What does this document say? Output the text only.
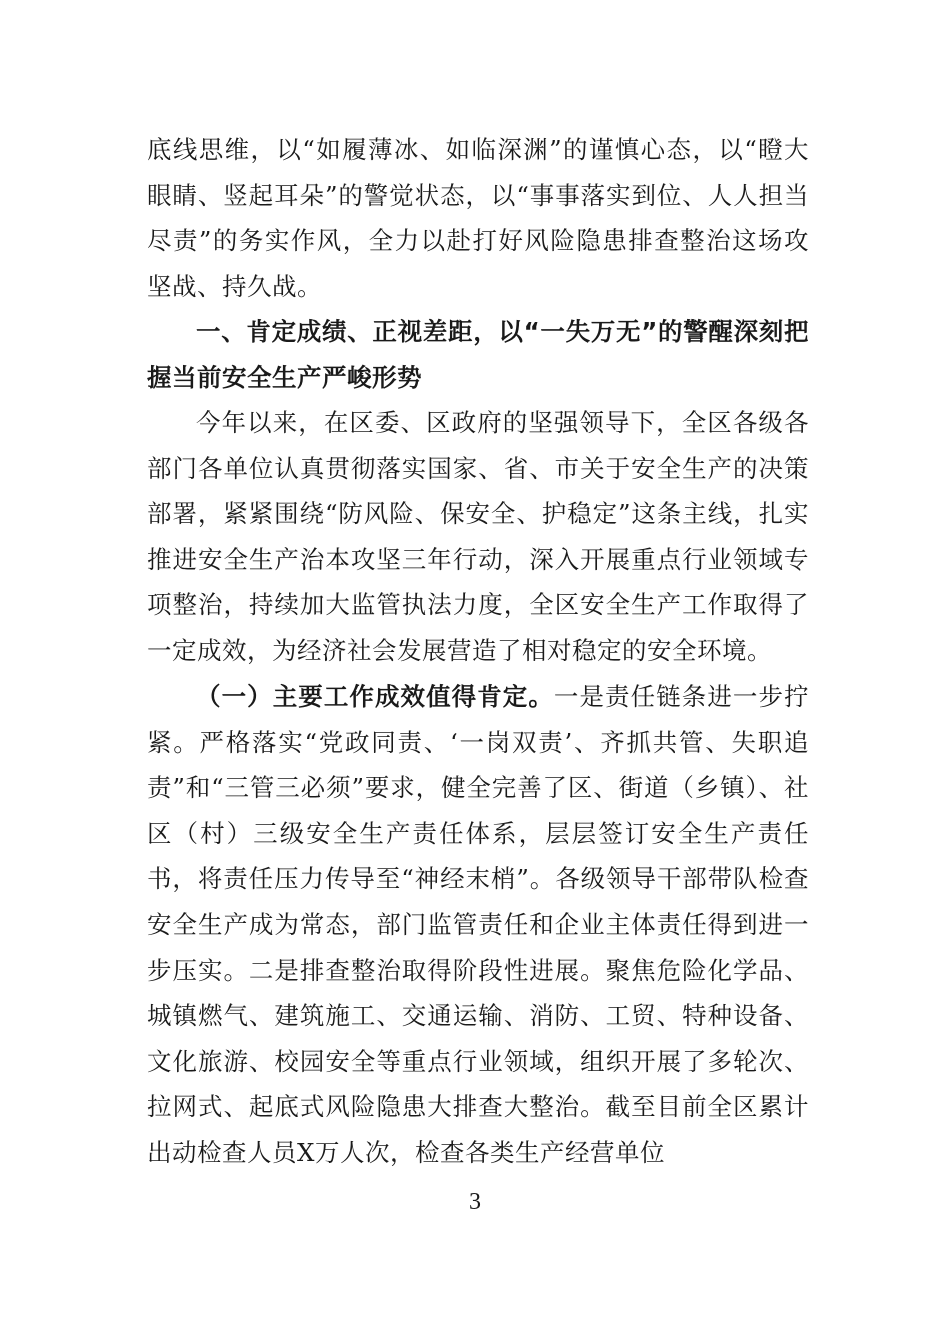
底线思维，以“如履薄冰、如临深渊”的谨慎心态，以“瞪大眼睛、竖起耳朵”的警觉状态，以“事事落实到位、人人担当尽责”的务实作风，全力以赴打好风险隐患排查整治这场攻坚战、持久战。

一、肯定成绩、正视差距，以“一失万无”的警醒深刻把握当前安全生产严峻形势

今年以来，在区委、区政府的坚强领导下，全区各级各部门各单位认真贯彻落实国家、省、市关于安全生产的决策部署，紧紧围绕“防风险、保安全、护稳定”这条主线，扎实推进安全生产治本攻坚三年行动，深入开展重点行业领域专项整治，持续加大监管执法力度，全区安全生产工作取得了一定成效，为经济社会发展营造了相对稳定的安全环境。

（一）主要工作成效值得肯定。一是责任链条进一步拧紧。严格落实“党政同责、‘一岗双责’、齐抓共管、失职追责”和“三管三必须”要求，健全完善了区、街道（乡镇）、社区（村）三级安全生产责任体系，层层签订安全生产责任书，将责任压力传导至“神经末梢”。各级领导干部带队检查安全生产成为常态，部门监管责任和企业主体责任得到进一步压实。二是排查整治取得阶段性进展。聚焦危险化学品、城镇燃气、建筑施工、交通运输、消防、工贸、特种设备、文化旅游、校园安全等重点行业领域，组织开展了多轮次、拉网式、起底式风险隐患大排查大整治。截至目前全区累计出动检查人员X万人次，检查各类生产经营单位

3
